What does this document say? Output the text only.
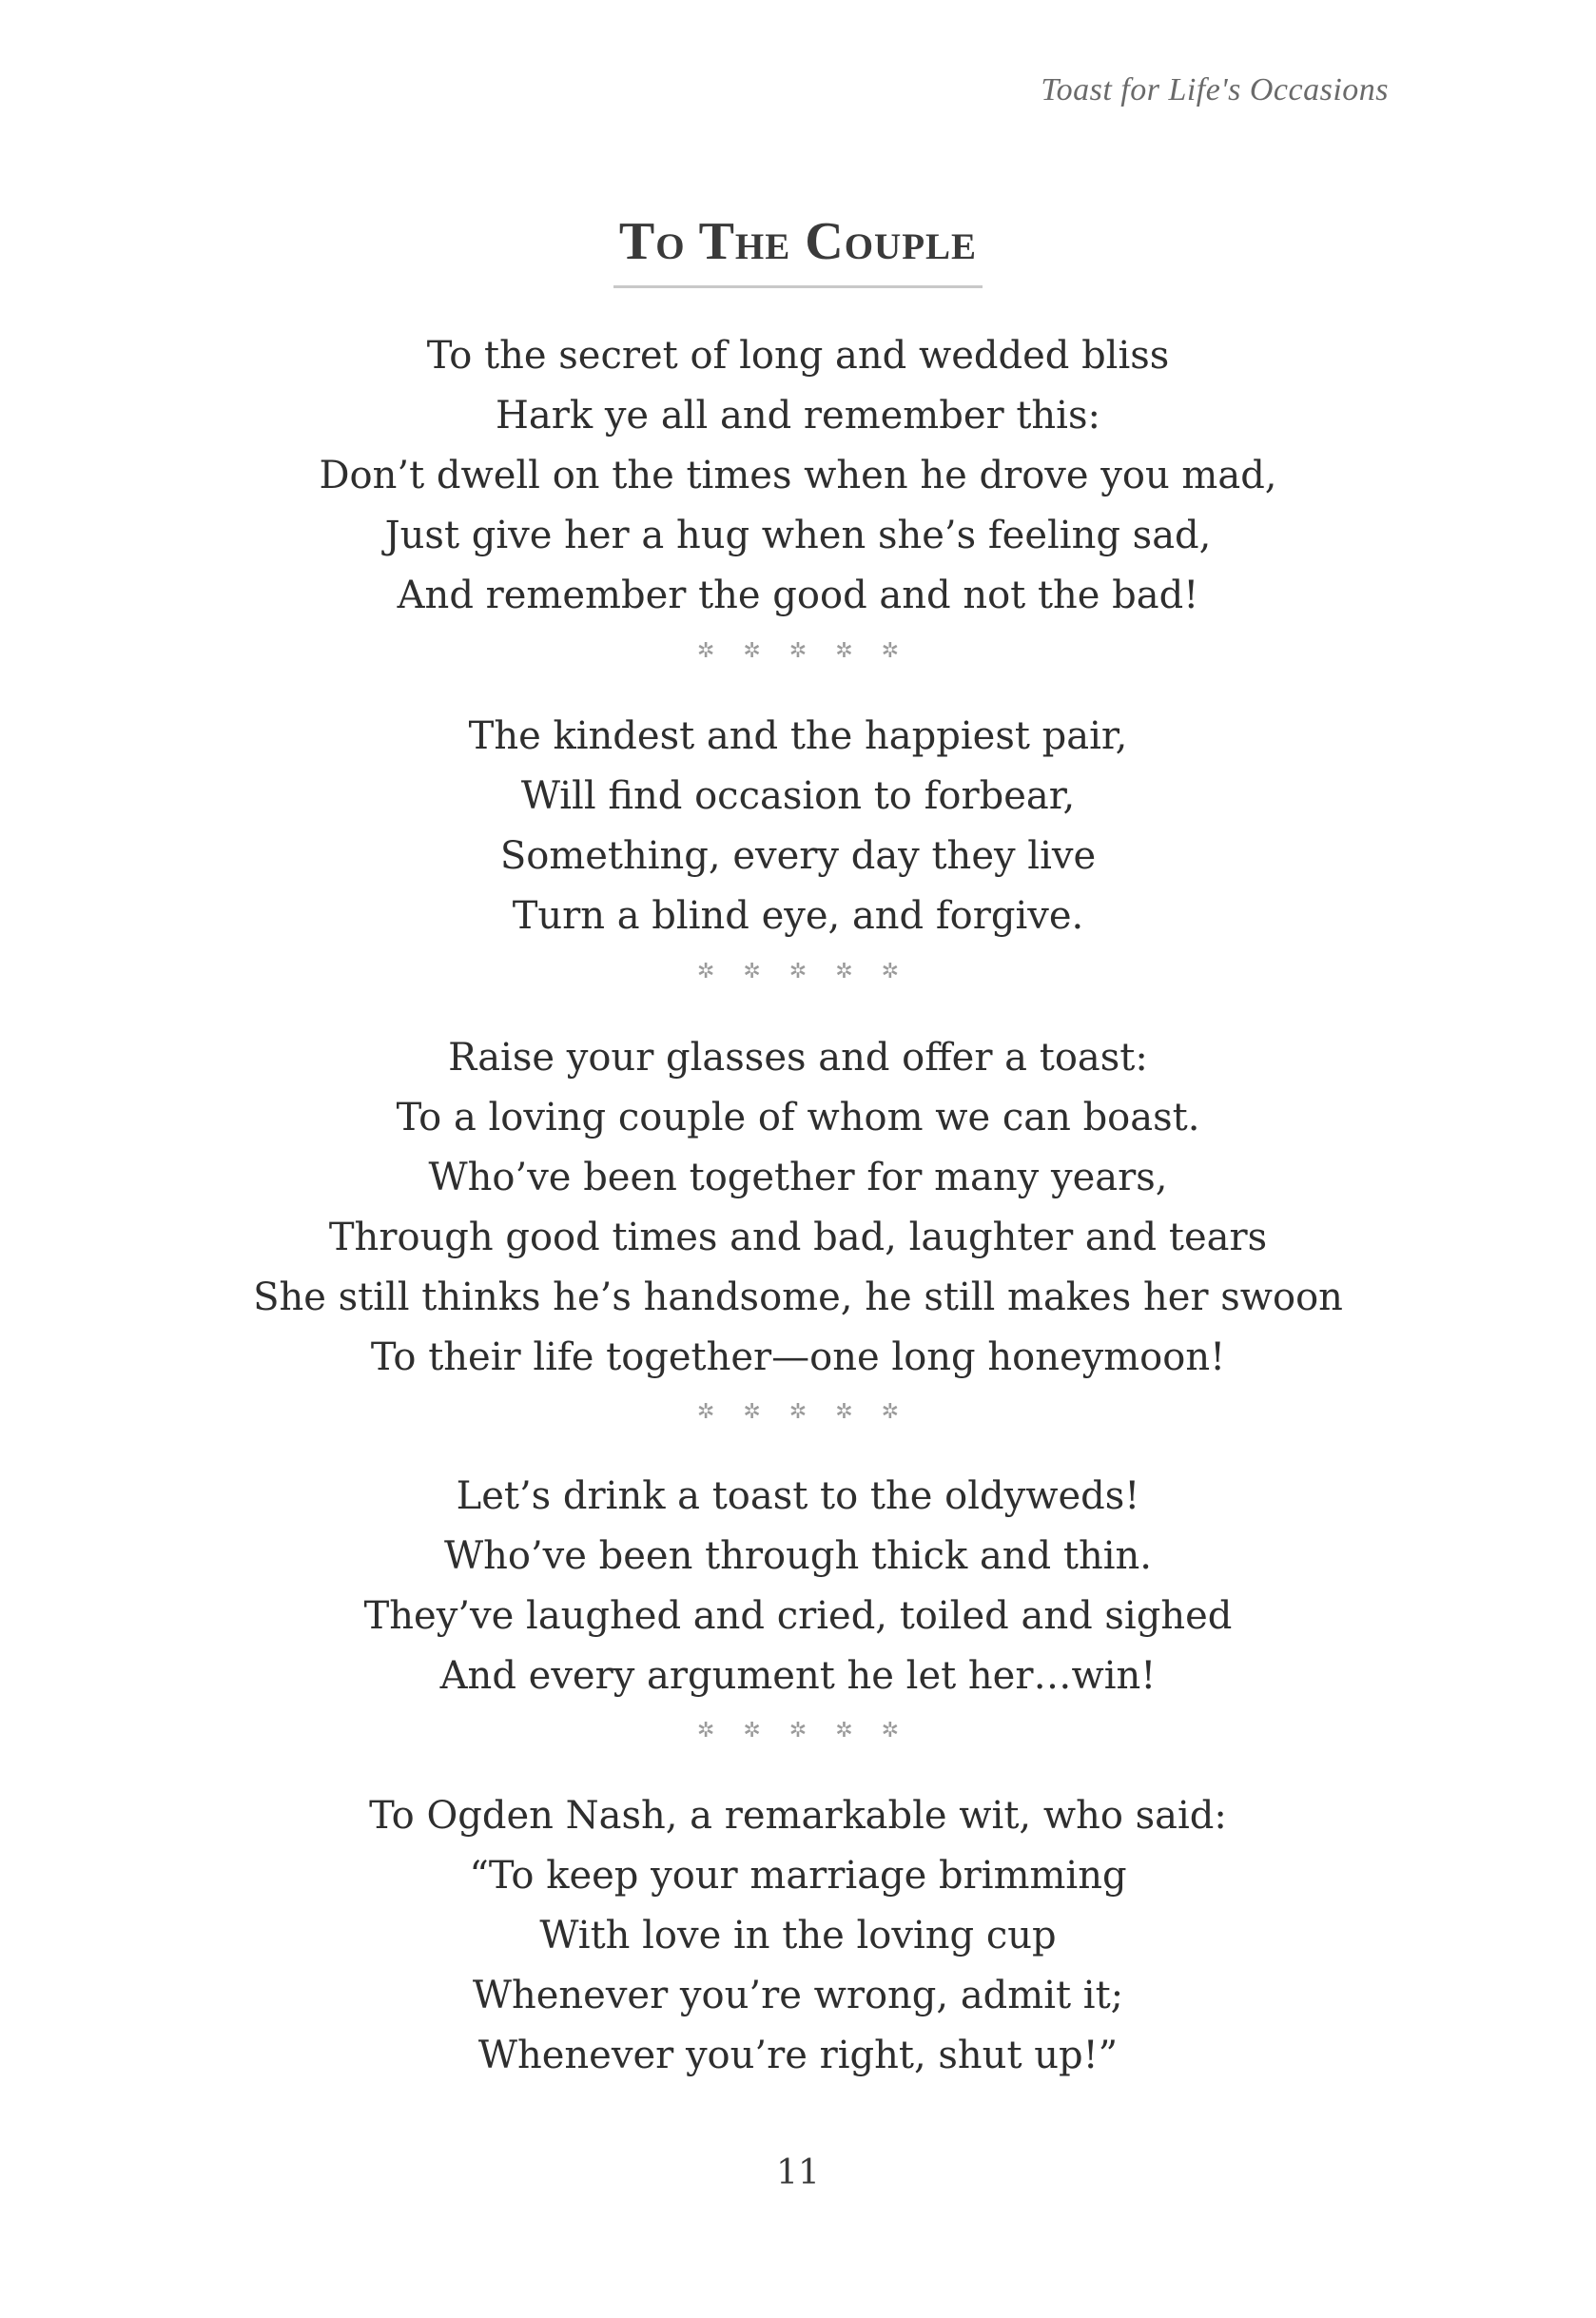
Toast for Life's Occasions
To The Couple
To the secret of long and wedded bliss
Hark ye all and remember this:
Don’t dwell on the times when he drove you mad,
Just give her a hug when she’s feeling sad,
And remember the good and not the bad!
✲ ✲ ✲ ✲ ✲
The kindest and the happiest pair,
Will find occasion to forbear,
Something, every day they live
Turn a blind eye, and forgive.
✲ ✲ ✲ ✲ ✲
Raise your glasses and offer a toast:
To a loving couple of whom we can boast.
Who’ve been together for many years,
Through good times and bad, laughter and tears
She still thinks he’s handsome, he still makes her swoon
To their life together—one long honeymoon!
✲ ✲ ✲ ✲ ✲
Let’s drink a toast to the oldyweds!
Who’ve been through thick and thin.
They’ve laughed and cried, toiled and sighed
And every argument he let her…win!
✲ ✲ ✲ ✲ ✲
To Ogden Nash, a remarkable wit, who said:
“To keep your marriage brimming
With love in the loving cup
Whenever you’re wrong, admit it;
Whenever you’re right, shut up!”
11
